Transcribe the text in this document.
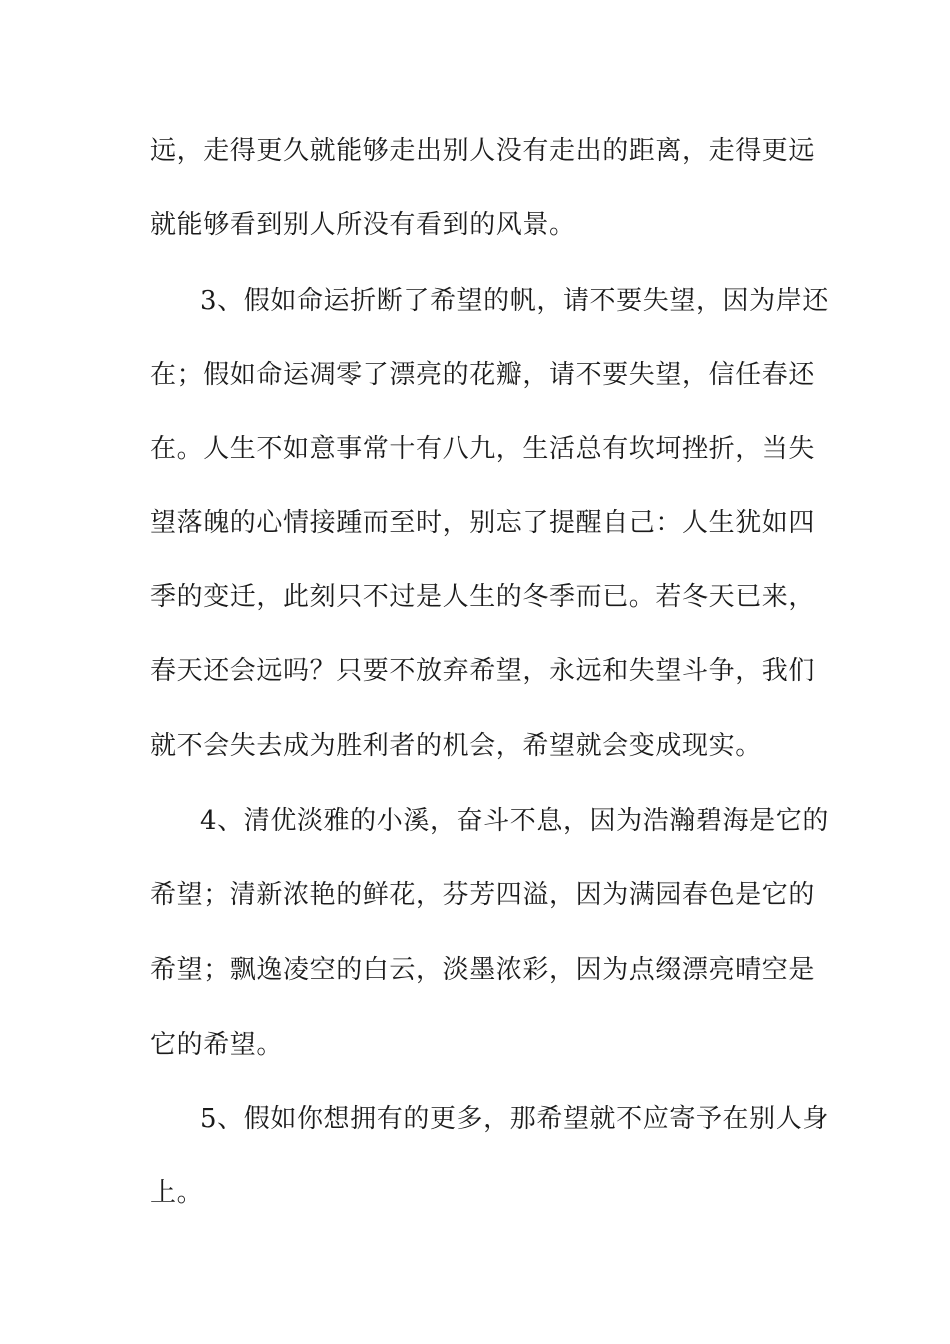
远，走得更久就能够走出别人没有走出的距离，走得更远
就能够看到别人所没有看到的风景。
3、假如命运折断了希望的帆，请不要失望，因为岸还
在；假如命运凋零了漂亮的花瓣，请不要失望，信任春还
在。人生不如意事常十有八九，生活总有坎坷挫折，当失
望落魄的心情接踵而至时，别忘了提醒自己：人生犹如四
季的变迁，此刻只不过是人生的冬季而已。若冬天已来，
春天还会远吗？只要不放弃希望，永远和失望斗争，我们
就不会失去成为胜利者的机会，希望就会变成现实。
4、清优淡雅的小溪，奋斗不息，因为浩瀚碧海是它的
希望；清新浓艳的鲜花，芬芳四溢，因为满园春色是它的
希望；飘逸凌空的白云，淡墨浓彩，因为点缀漂亮晴空是
它的希望。
5、假如你想拥有的更多，那希望就不应寄予在别人身
上。
